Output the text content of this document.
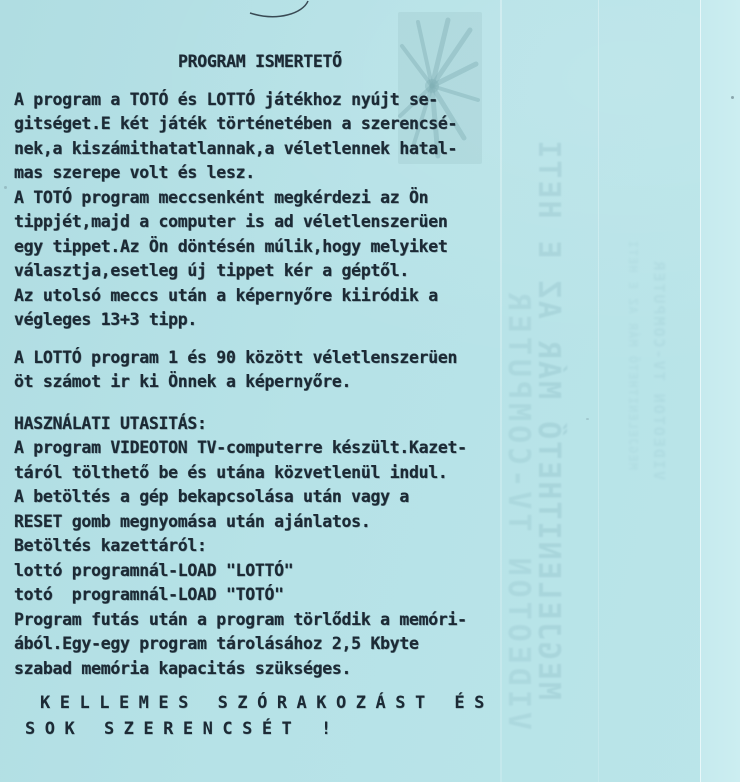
MEGJELENITHETŐ MÁR AZ E HETI
VIDEOTON TV-COMPUTER	VIDEOTON TV-COMPUTER
MEGJELENITHETŐ MÁR AZ E HETI
PROGRAM ISMERTETŐ
A program a TOTÓ és LOTTÓ játékhoz nyújt se-
gitséget.E két játék történetében a szerencsé-
nek,a kiszámithatatlannak,a véletlennek hatal-
mas szerepe volt és lesz.
A TOTÓ program meccsenként megkérdezi az Ön
tippjét,majd a computer is ad véletlenszerüen
egy tippet.Az Ön döntésén múlik,hogy melyiket
választja,esetleg új tippet kér a géptől.
Az utolsó meccs után a képernyőre kiiródik a
végleges 13+3 tipp.
A LOTTÓ program 1 és 90 között véletlenszerüen
öt számot ir ki Önnek a képernyőre.
HASZNÁLATI UTASITÁS:
A program VIDEOTON TV-computerre készült.Kazet-
táról tölthető be és utána közvetlenül indul.
A betöltés a gép bekapcsolása után vagy a
RESET gomb megnyomása után ajánlatos.
Betöltés kazettáról:
lottó programnál-LOAD "LOTTÓ"
totó  programnál-LOAD "TOTÓ"
Program futás után a program törlődik a memóri-
ából.Egy-egy program tárolásához 2,5 Kbyte
szabad memória kapacitás szükséges.
KELLEMES SZÓRAKOZÁST ÉS
SOK SZERENCSÉT !
